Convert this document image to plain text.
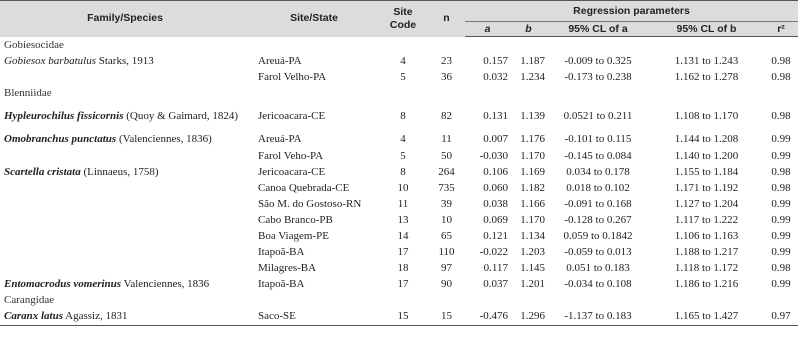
Family/Species	Site/State	Site Code	n	Regression parameters				
				a	b	95% CL of a	95% CL of b	r²
Gobiesocidae								
Gobiesox barbatulus Starks, 1913	Areuá-PA	4	23	0.157	1.187	-0.009 to 0.325	1.131 to 1.243	0.98
	Farol Velho-PA	5	36	0.032	1.234	-0.173 to 0.238	1.162 to 1.278	0.98
Blenniidae								
Hypleurochilus fissicornis (Quoy & Gaimard, 1824)	Jericoacara-CE	8	82	0.131	1.139	0.0521 to 0.211	1.108 to 1.170	0.98
Omobranchus punctatus (Valenciennes, 1836)	Areuá-PA	4	11	0.007	1.176	-0.101 to 0.115	1.144 to 1.208	0.99
	Farol Veho-PA	5	50	-0.030	1.170	-0.145 to 0.084	1.140 to 1.200	0.99
Scartella cristata (Linnaeus, 1758)	Jericoacara-CE	8	264	0.106	1.169	0.034 to 0.178	1.155 to 1.184	0.98
	Canoa Quebrada-CE	10	735	0.060	1.182	0.018 to 0.102	1.171 to 1.192	0.98
	São M. do Gostoso-RN	11	39	0.038	1.166	-0.091 to 0.168	1.127 to 1.204	0.99
	Cabo Branco-PB	13	10	0.069	1.170	-0.128 to 0.267	1.117 to 1.222	0.99
	Boa Viagem-PE	14	65	0.121	1.134	0.059 to 0.1842	1.106 to 1.163	0.99
	Itapoã-BA	17	110	-0.022	1.203	-0.059 to 0.013	1.188 to 1.217	0.99
	Milagres-BA	18	97	0.117	1.145	0.051 to 0.183	1.118 to 1.172	0.98
Entomacrodus vomerinus Valenciennes, 1836	Itapoã-BA	17	90	0.037	1.201	-0.034 to 0.108	1.186 to 1.216	0.99
Carangidae								
Caranx latus Agassiz, 1831	Saco-SE	15	15	-0.476	1.296	-1.137 to 0.183	1.165 to 1.427	0.97
